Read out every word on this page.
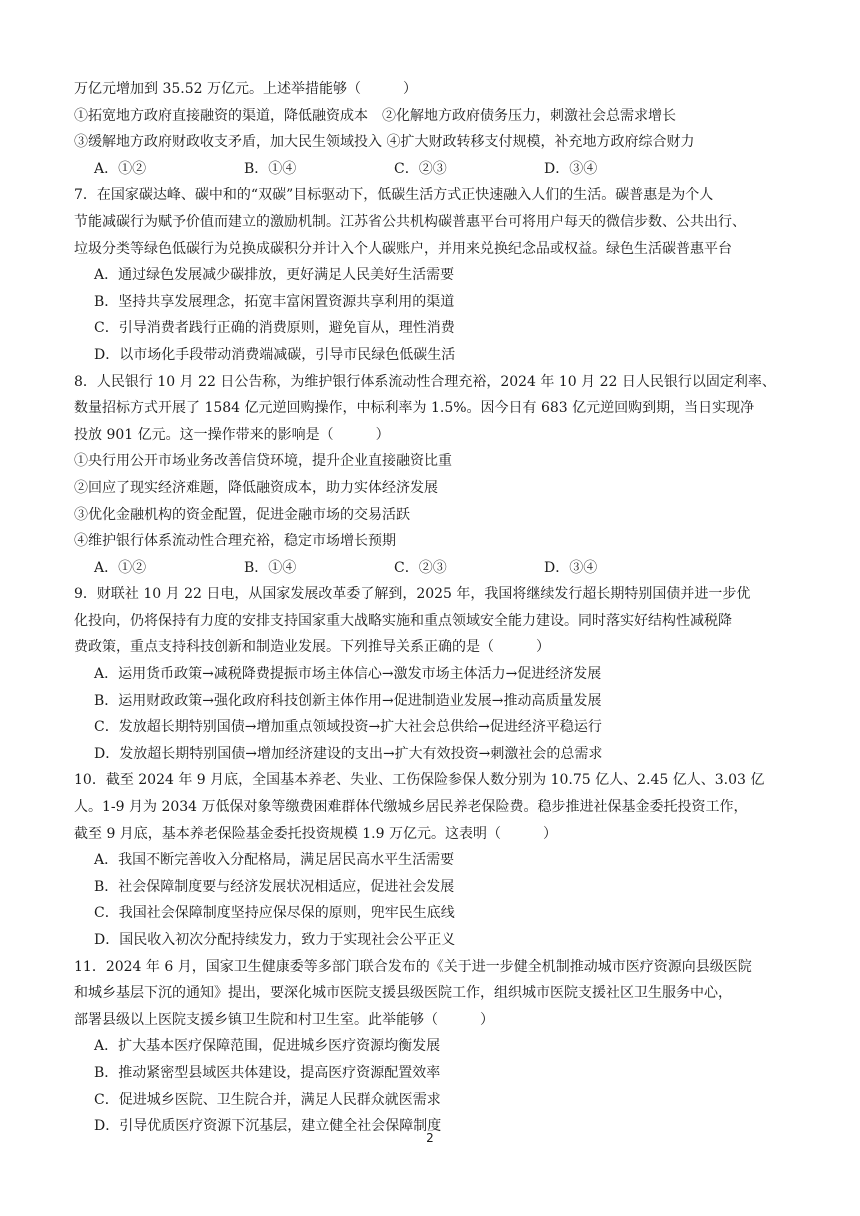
万亿元增加到 35.52 万亿元。上述举措能够（　　　）
①拓宽地方政府直接融资的渠道，降低融资成本　②化解地方政府债务压力，刺激社会总需求增长
③缓解地方政府财政收支矛盾，加大民生领域投入 ④扩大财政转移支付规模，补充地方政府综合财力
A．①②	B．①④	C．②③	D．③④
7．在国家碳达峰、碳中和的“双碳”目标驱动下，低碳生活方式正快速融入人们的生活。碳普惠是为个人
节能减碳行为赋予价值而建立的激励机制。江苏省公共机构碳普惠平台可将用户每天的微信步数、公共出行、
垃圾分类等绿色低碳行为兑换成碳积分并计入个人碳账户，并用来兑换纪念品或权益。绿色生活碳普惠平台
A．通过绿色发展减少碳排放，更好满足人民美好生活需要
B．坚持共享发展理念，拓宽丰富闲置资源共享利用的渠道
C．引导消费者践行正确的消费原则，避免盲从，理性消费
D．以市场化手段带动消费端减碳，引导市民绿色低碳生活
8．人民银行 10 月 22 日公告称，为维护银行体系流动性合理充裕，2024 年 10 月 22 日人民银行以固定利率、
数量招标方式开展了 1584 亿元逆回购操作，中标利率为 1.5%。因今日有 683 亿元逆回购到期，当日实现净
投放 901 亿元。这一操作带来的影响是（　　　）
①央行用公开市场业务改善信贷环境，提升企业直接融资比重
②回应了现实经济难题，降低融资成本，助力实体经济发展
③优化金融机构的资金配置，促进金融市场的交易活跃
④维护银行体系流动性合理充裕，稳定市场增长预期
A．①②	B．①④	C．②③	D．③④
9．财联社 10 月 22 日电，从国家发展改革委了解到，2025 年，我国将继续发行超长期特别国债并进一步优
化投向，仍将保持有力度的安排支持国家重大战略实施和重点领域安全能力建设。同时落实好结构性减税降
费政策，重点支持科技创新和制造业发展。下列推导关系正确的是（　　　）
A．运用货币政策→减税降费提振市场主体信心→激发市场主体活力→促进经济发展
B．运用财政政策→强化政府科技创新主体作用→促进制造业发展→推动高质量发展
C．发放超长期特别国债→增加重点领域投资→扩大社会总供给→促进经济平稳运行
D．发放超长期特别国债→增加经济建设的支出→扩大有效投资→刺激社会的总需求
10．截至 2024 年 9 月底，全国基本养老、失业、工伤保险参保人数分别为 10.75 亿人、2.45 亿人、3.03 亿
人。1-9 月为 2034 万低保对象等缴费困难群体代缴城乡居民养老保险费。稳步推进社保基金委托投资工作，
截至 9 月底，基本养老保险基金委托投资规模 1.9 万亿元。这表明（　　　）
A．我国不断完善收入分配格局，满足居民高水平生活需要
B．社会保障制度要与经济发展状况相适应，促进社会发展
C．我国社会保障制度坚持应保尽保的原则，兜牢民生底线
D．国民收入初次分配持续发力，致力于实现社会公平正义
11．2024 年 6 月，国家卫生健康委等多部门联合发布的《关于进一步健全机制推动城市医疗资源向县级医院
和城乡基层下沉的通知》提出，要深化城市医院支援县级医院工作，组织城市医院支援社区卫生服务中心，
部署县级以上医院支援乡镇卫生院和村卫生室。此举能够（　　　）
A．扩大基本医疗保障范围，促进城乡医疗资源均衡发展
B．推动紧密型县域医共体建设，提高医疗资源配置效率
C．促进城乡医院、卫生院合并，满足人民群众就医需求
D．引导优质医疗资源下沉基层，建立健全社会保障制度
2
